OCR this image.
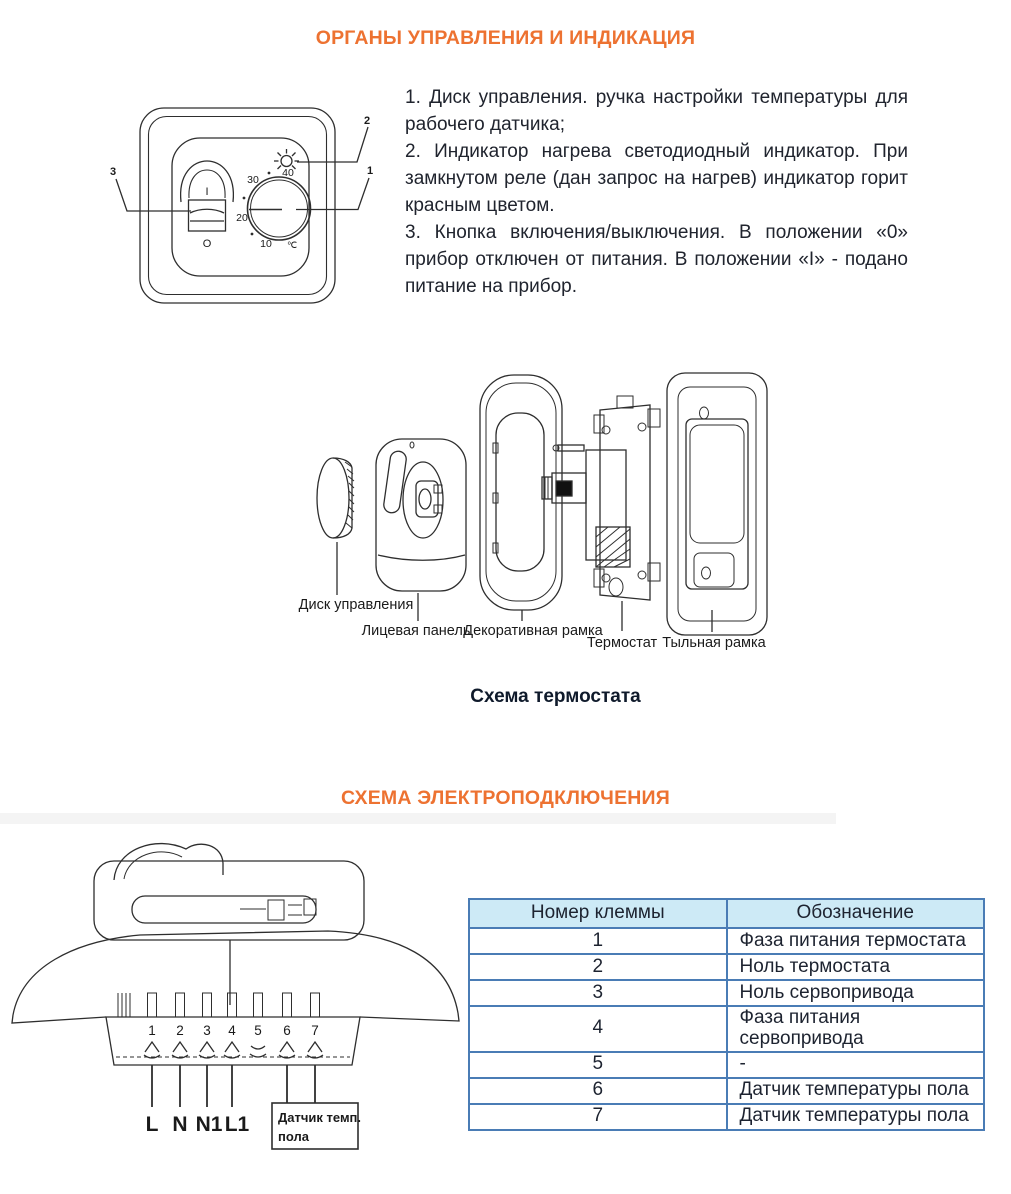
ОРГАНЫ УПРАВЛЕНИЯ И ИНДИКАЦИЯ
I
O
40
30
20
10 ℃
2
1
3

1. Диск управления. ручка настройки температуры для рабочего датчика;

2. Индикатор нагрева светодиодный индикатор. При замкнутом реле (дан запрос на нагрев) индикатор горит красным цветом.

3. Кнопка включения/выключения. В положении «0» прибор отключен от питания. В положении «I» - подано питание на прибор.

Диск управления
Лицевая панель
Декоративная рамка
Термостат Тыльная рамка
Схема термостата
СХЕМА ЭЛЕКТРОПОДКЛЮЧЕНИЯ
1 2 3 4 5 6 7
L N N1 L1 Датчик темп.
пола
Номер клеммы	Обозначение
1	Фаза питания термостата
2	Ноль термостата
3	Ноль сервопривода
4	Фаза питания сервопривода
5	-
6	Датчик температуры пола
7	Датчик температуры пола
